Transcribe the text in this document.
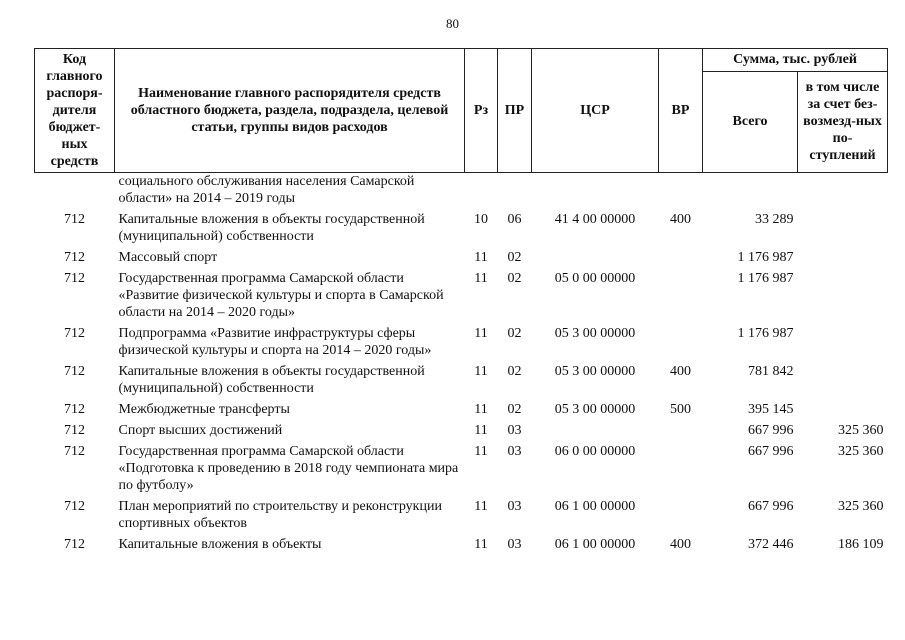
80
Код главного распоря-дителя бюджет-ных средств	Наименование главного распорядителя средств областного бюджета, раздела, подраздела, целевой статьи, группы видов расходов	Рз	ПР	ЦСР	ВР	Сумма, тыс. рублей	
						Всего	в том числе за счет без-возмезд-ных по-ступлений
	социального обслуживания населения Самарской области» на 2014 – 2019 годы						
712	Капитальные вложения в объекты государственной (муниципальной) собственности	10	06	41 4 00 00000	400	33 289	
712	Массовый спорт	11	02			1 176 987	
712	Государственная программа Самарской области «Развитие физической культуры и спорта в Самарской области на 2014 – 2020 годы»	11	02	05 0 00 00000		1 176 987	
712	Подпрограмма «Развитие инфраструктуры сферы физической культуры и спорта на 2014 – 2020 годы»	11	02	05 3 00 00000		1 176 987	
712	Капитальные вложения в объекты государственной (муниципальной) собственности	11	02	05 3 00 00000	400	781 842	
712	Межбюджетные трансферты	11	02	05 3 00 00000	500	395 145	
712	Спорт высших достижений	11	03			667 996	325 360
712	Государственная программа Самарской области «Подготовка к проведению в 2018 году чемпионата мира по футболу»	11	03	06 0 00 00000		667 996	325 360
712	План мероприятий по строительству и реконструкции спортивных объектов	11	03	06 1 00 00000		667 996	325 360
712	Капитальные вложения в объекты	11	03	06 1 00 00000	400	372 446	186 109
